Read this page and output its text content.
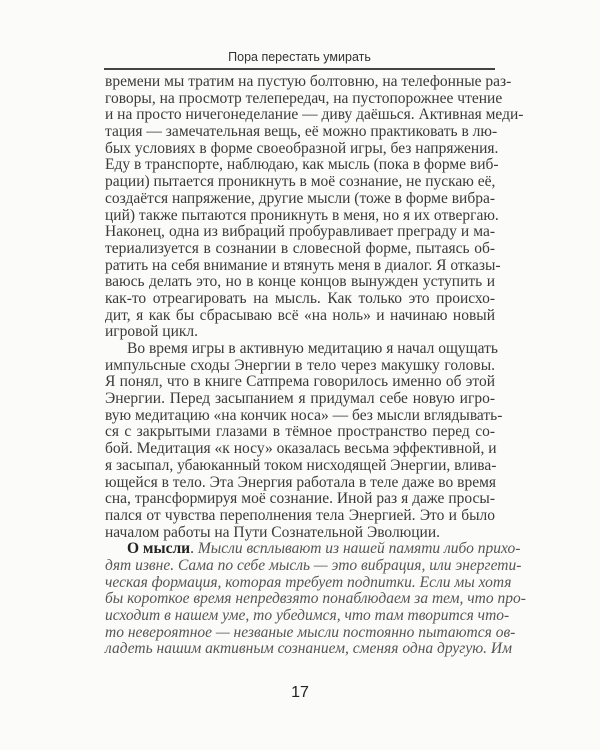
Пора перестать умирать
времени мы тратим на пустую болтовню, на телефонные раз-
говоры, на просмотр телепередач, на пустопорожнее чтение
и на просто ничегонеделание — диву даёшься. Активная меди-
тация — замечательная вещь, её можно практиковать в лю-
бых условиях в форме своеобразной игры, без напряжения.
Еду в транспорте, наблюдаю, как мысль (пока в форме виб-
рации) пытается проникнуть в моё сознание, не пускаю её,
создаётся напряжение, другие мысли (тоже в форме вибра-
ций) также пытаются проникнуть в меня, но я их отвергаю.
Наконец, одна из вибраций пробуравливает преграду и ма-
териализуется в сознании в словесной форме, пытаясь об-
ратить на себя внимание и втянуть меня в диалог. Я отказы-
ваюсь делать это, но в конце концов вынужден уступить и
как-то отреагировать на мысль. Как только это происхо-
дит, я как бы сбрасываю всё «на ноль» и начинаю новый
игровой цикл.
Во время игры в активную медитацию я начал ощущать
импульсные сходы Энергии в тело через макушку головы.
Я понял, что в книге Сатпрема говорилось именно об этой
Энергии. Перед засыпанием я придумал себе новую игро-
вую медитацию «на кончик носа» — без мысли вглядывать-
ся с закрытыми глазами в тёмное пространство перед со-
бой. Медитация «к носу» оказалась весьма эффективной, и
я засыпал, убаюканный током нисходящей Энергии, влива-
ющейся в тело. Эта Энергия работала в теле даже во время
сна, трансформируя моё сознание. Иной раз я даже просы-
пался от чувства переполнения тела Энергией. Это и было
началом работы на Пути Сознательной Эволюции.
О мысли. Мысли всплывают из нашей памяти либо прихо-
дят извне. Сама по себе мысль — это вибрация, или энергети-
ческая формация, которая требует подпитки. Если мы хотя
бы короткое время непредвзято понаблюдаем за тем, что про-
исходит в нашем уме, то убедимся, что там творится что-
то невероятное — незваные мысли постоянно пытаются ов-
ладеть нашим активным сознанием, сменяя одна другую. Им
17
